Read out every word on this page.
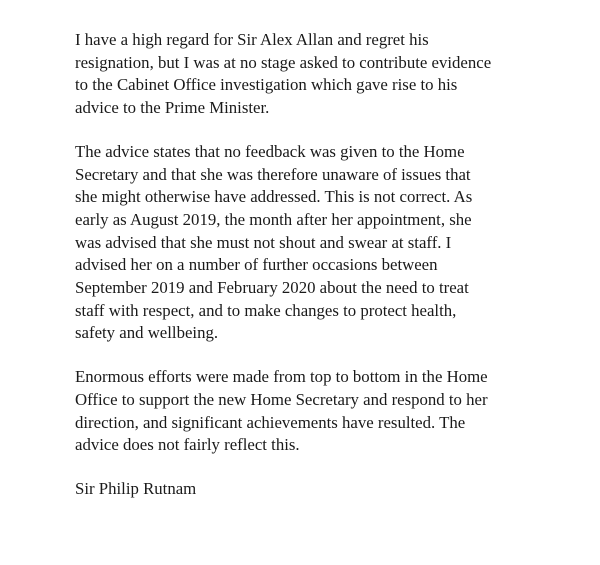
I have a high regard for Sir Alex Allan and regret his
resignation, but I was at no stage asked to contribute evidence
to the Cabinet Office investigation which gave rise to his
advice to the Prime Minister.

The advice states that no feedback was given to the Home
Secretary and that she was therefore unaware of issues that
she might otherwise have addressed. This is not correct. As
early as August 2019, the month after her appointment, she
was advised that she must not shout and swear at staff. I
advised her on a number of further occasions between
September 2019 and February 2020 about the need to treat
staff with respect, and to make changes to protect health,
safety and wellbeing.

Enormous efforts were made from top to bottom in the Home
Office to support the new Home Secretary and respond to her
direction, and significant achievements have resulted. The
advice does not fairly reflect this.

Sir Philip Rutnam
